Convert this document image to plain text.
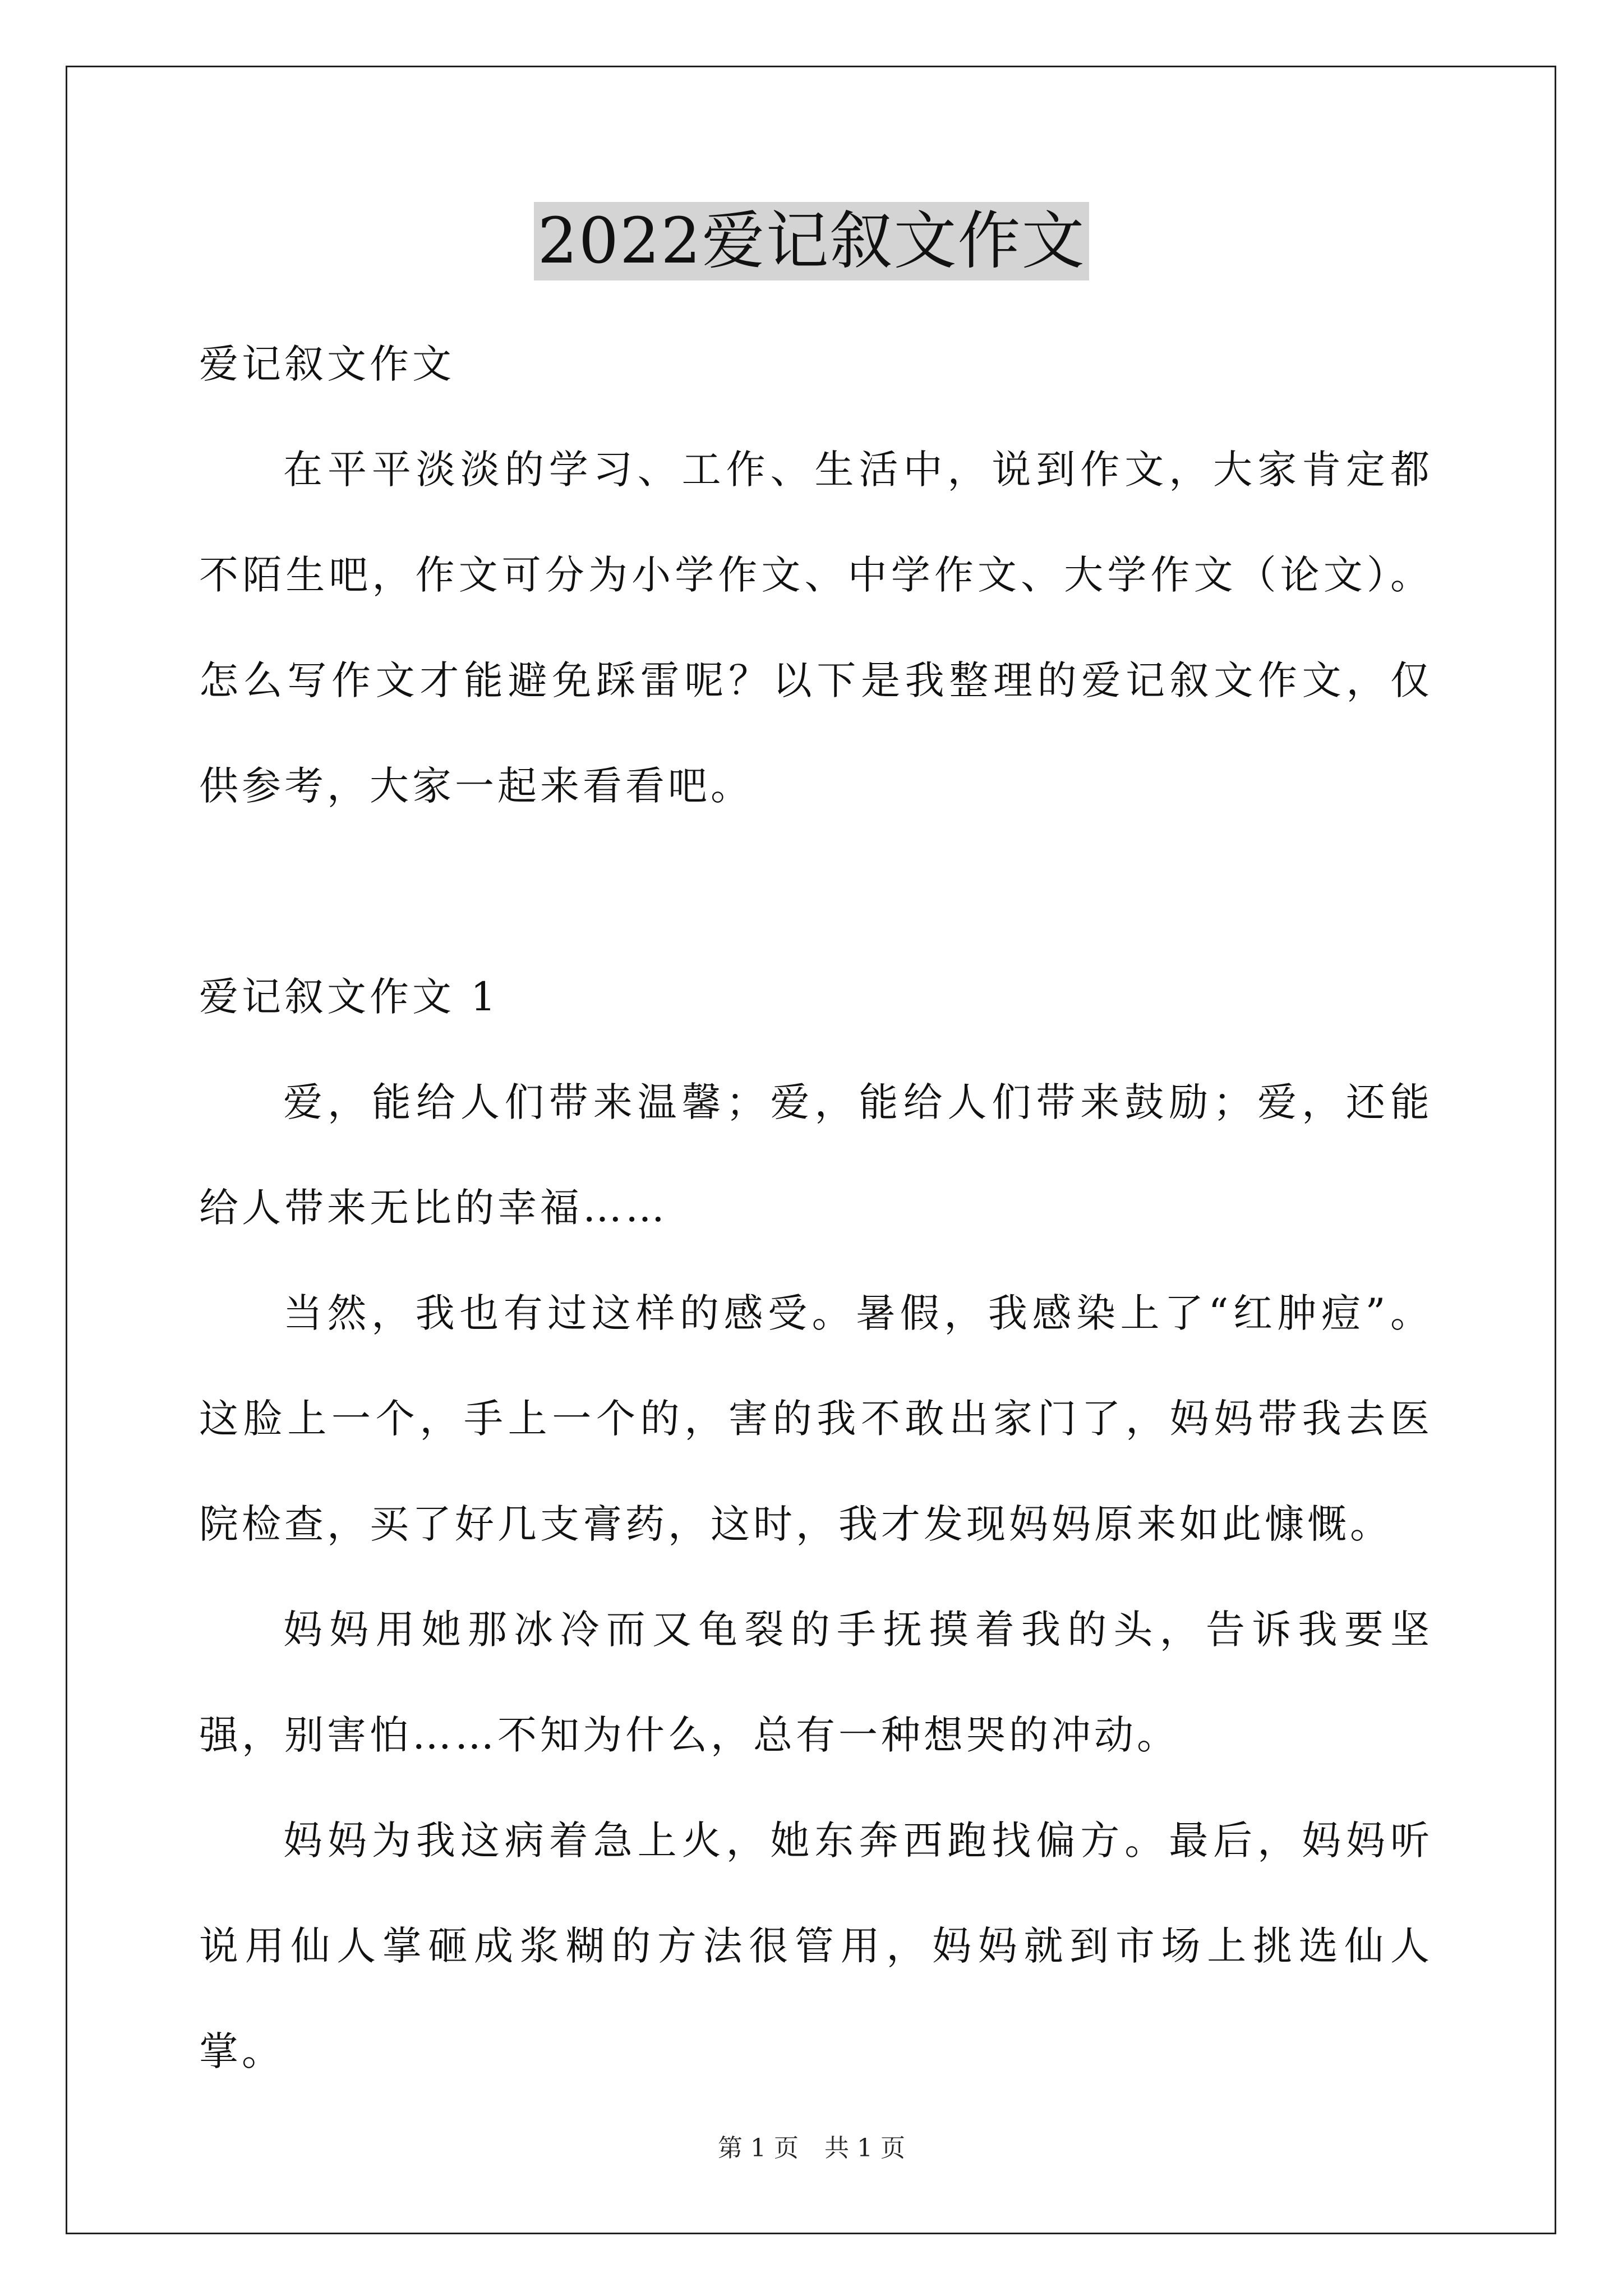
2022爱记叙文作文

爱记叙文作文

在平平淡淡的学习、工作、生活中，说到作文，大家肯定都不陌生吧，作文可分为小学作文、中学作文、大学作文（论文）。怎么写作文才能避免踩雷呢？以下是我整理的爱记叙文作文，仅供参考，大家一起来看看吧。

爱记叙文作文 1

爱，能给人们带来温馨；爱，能给人们带来鼓励；爱，还能给人带来无比的幸福……

当然，我也有过这样的感受。暑假，我感染上了“红肿痘”。这脸上一个，手上一个的，害的我不敢出家门了，妈妈带我去医院检查，买了好几支膏药，这时，我才发现妈妈原来如此慷慨。

妈妈用她那冰冷而又龟裂的手抚摸着我的头，告诉我要坚强，别害怕……不知为什么，总有一种想哭的冲动。

妈妈为我这病着急上火，她东奔西跑找偏方。最后，妈妈听说用仙人掌砸成浆糊的方法很管用，妈妈就到市场上挑选仙人掌。

第 1 页 共 1 页
